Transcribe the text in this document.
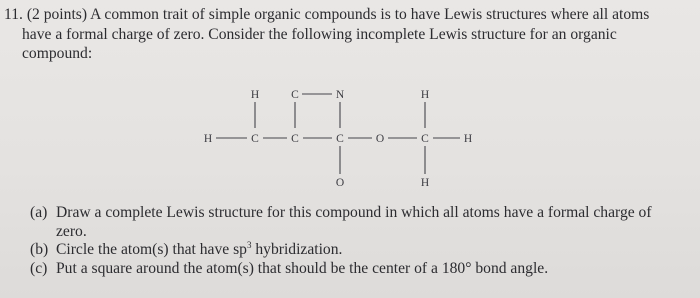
11. (2 points) A common trait of simple organic compounds is to have Lewis structures where all atoms
have a formal charge of zero. Consider the following incomplete Lewis structure for an organic
compound:
H	C	N	H
H	C	C	C	O	C	H
O	H
(a) Draw a complete Lewis structure for this compound in which all atoms have a formal charge of
zero.
(b) Circle the atom(s) that have $sp^3$ hybridization.
(c) Put a square around the atom(s) that should be the center of a 180° bond angle.
